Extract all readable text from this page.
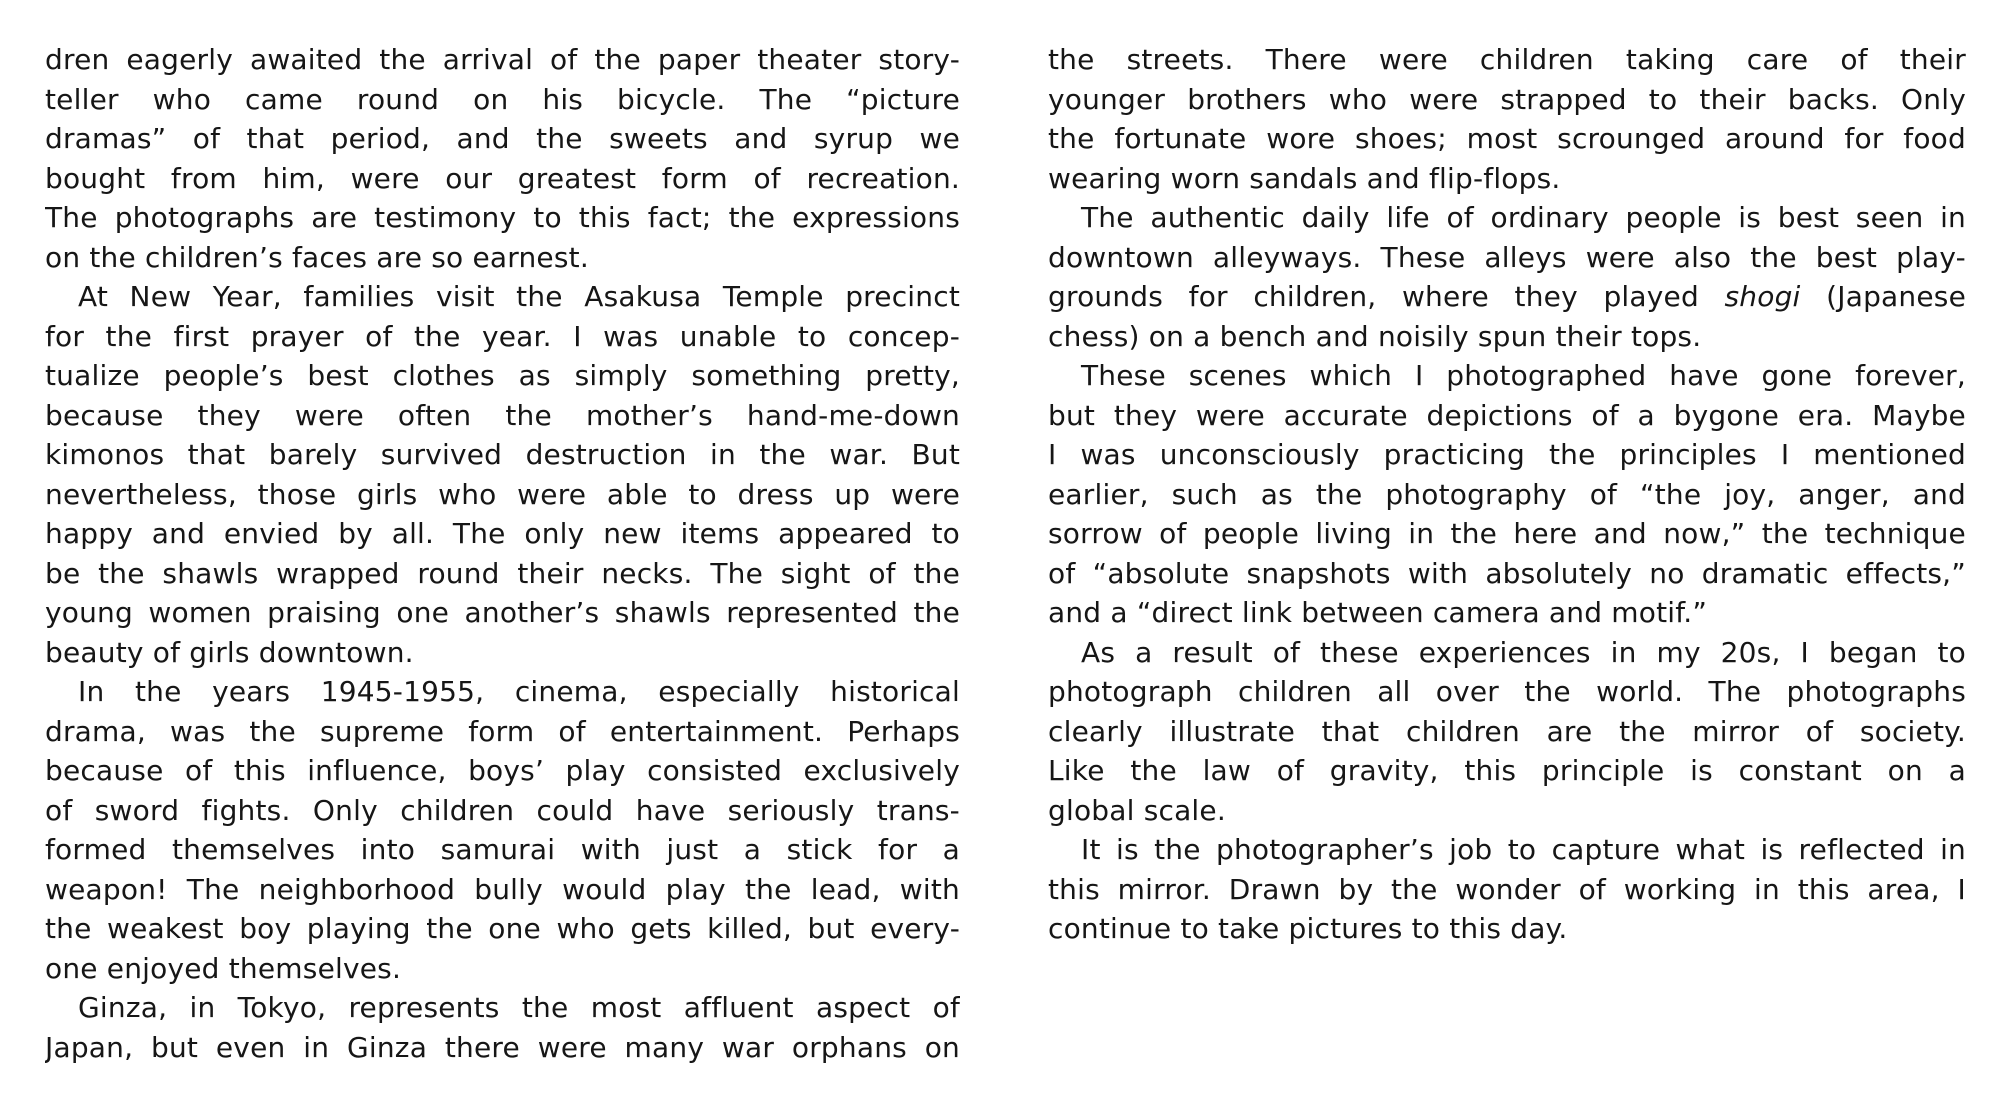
dren eagerly awaited the arrival of the paper theater story-
teller who came round on his bicycle. The “picture
dramas” of that period, and the sweets and syrup we
bought from him, were our greatest form of recreation.
The photographs are testimony to this fact; the expressions
on the children’s faces are so earnest.
At New Year, families visit the Asakusa Temple precinct
for the first prayer of the year. I was unable to concep-
tualize people’s best clothes as simply something pretty,
because they were often the mother’s hand-me-down
kimonos that barely survived destruction in the war. But
nevertheless, those girls who were able to dress up were
happy and envied by all. The only new items appeared to
be the shawls wrapped round their necks. The sight of the
young women praising one another’s shawls represented the
beauty of girls downtown.
In the years 1945-1955, cinema, especially historical
drama, was the supreme form of entertainment. Perhaps
because of this influence, boys’ play consisted exclusively
of sword fights. Only children could have seriously trans-
formed themselves into samurai with just a stick for a
weapon! The neighborhood bully would play the lead, with
the weakest boy playing the one who gets killed, but every-
one enjoyed themselves.
Ginza, in Tokyo, represents the most affluent aspect of
Japan, but even in Ginza there were many war orphans on
the streets. There were children taking care of their
younger brothers who were strapped to their backs. Only
the fortunate wore shoes; most scrounged around for food
wearing worn sandals and flip-flops.
The authentic daily life of ordinary people is best seen in
downtown alleyways. These alleys were also the best play-
grounds for children, where they played shogi (Japanese
chess) on a bench and noisily spun their tops.
These scenes which I photographed have gone forever,
but they were accurate depictions of a bygone era. Maybe
I was unconsciously practicing the principles I mentioned
earlier, such as the photography of “the joy, anger, and
sorrow of people living in the here and now,” the technique
of “absolute snapshots with absolutely no dramatic effects,”
and a “direct link between camera and motif.”
As a result of these experiences in my 20s, I began to
photograph children all over the world. The photographs
clearly illustrate that children are the mirror of society.
Like the law of gravity, this principle is constant on a
global scale.
It is the photographer’s job to capture what is reflected in
this mirror. Drawn by the wonder of working in this area, I
continue to take pictures to this day.
